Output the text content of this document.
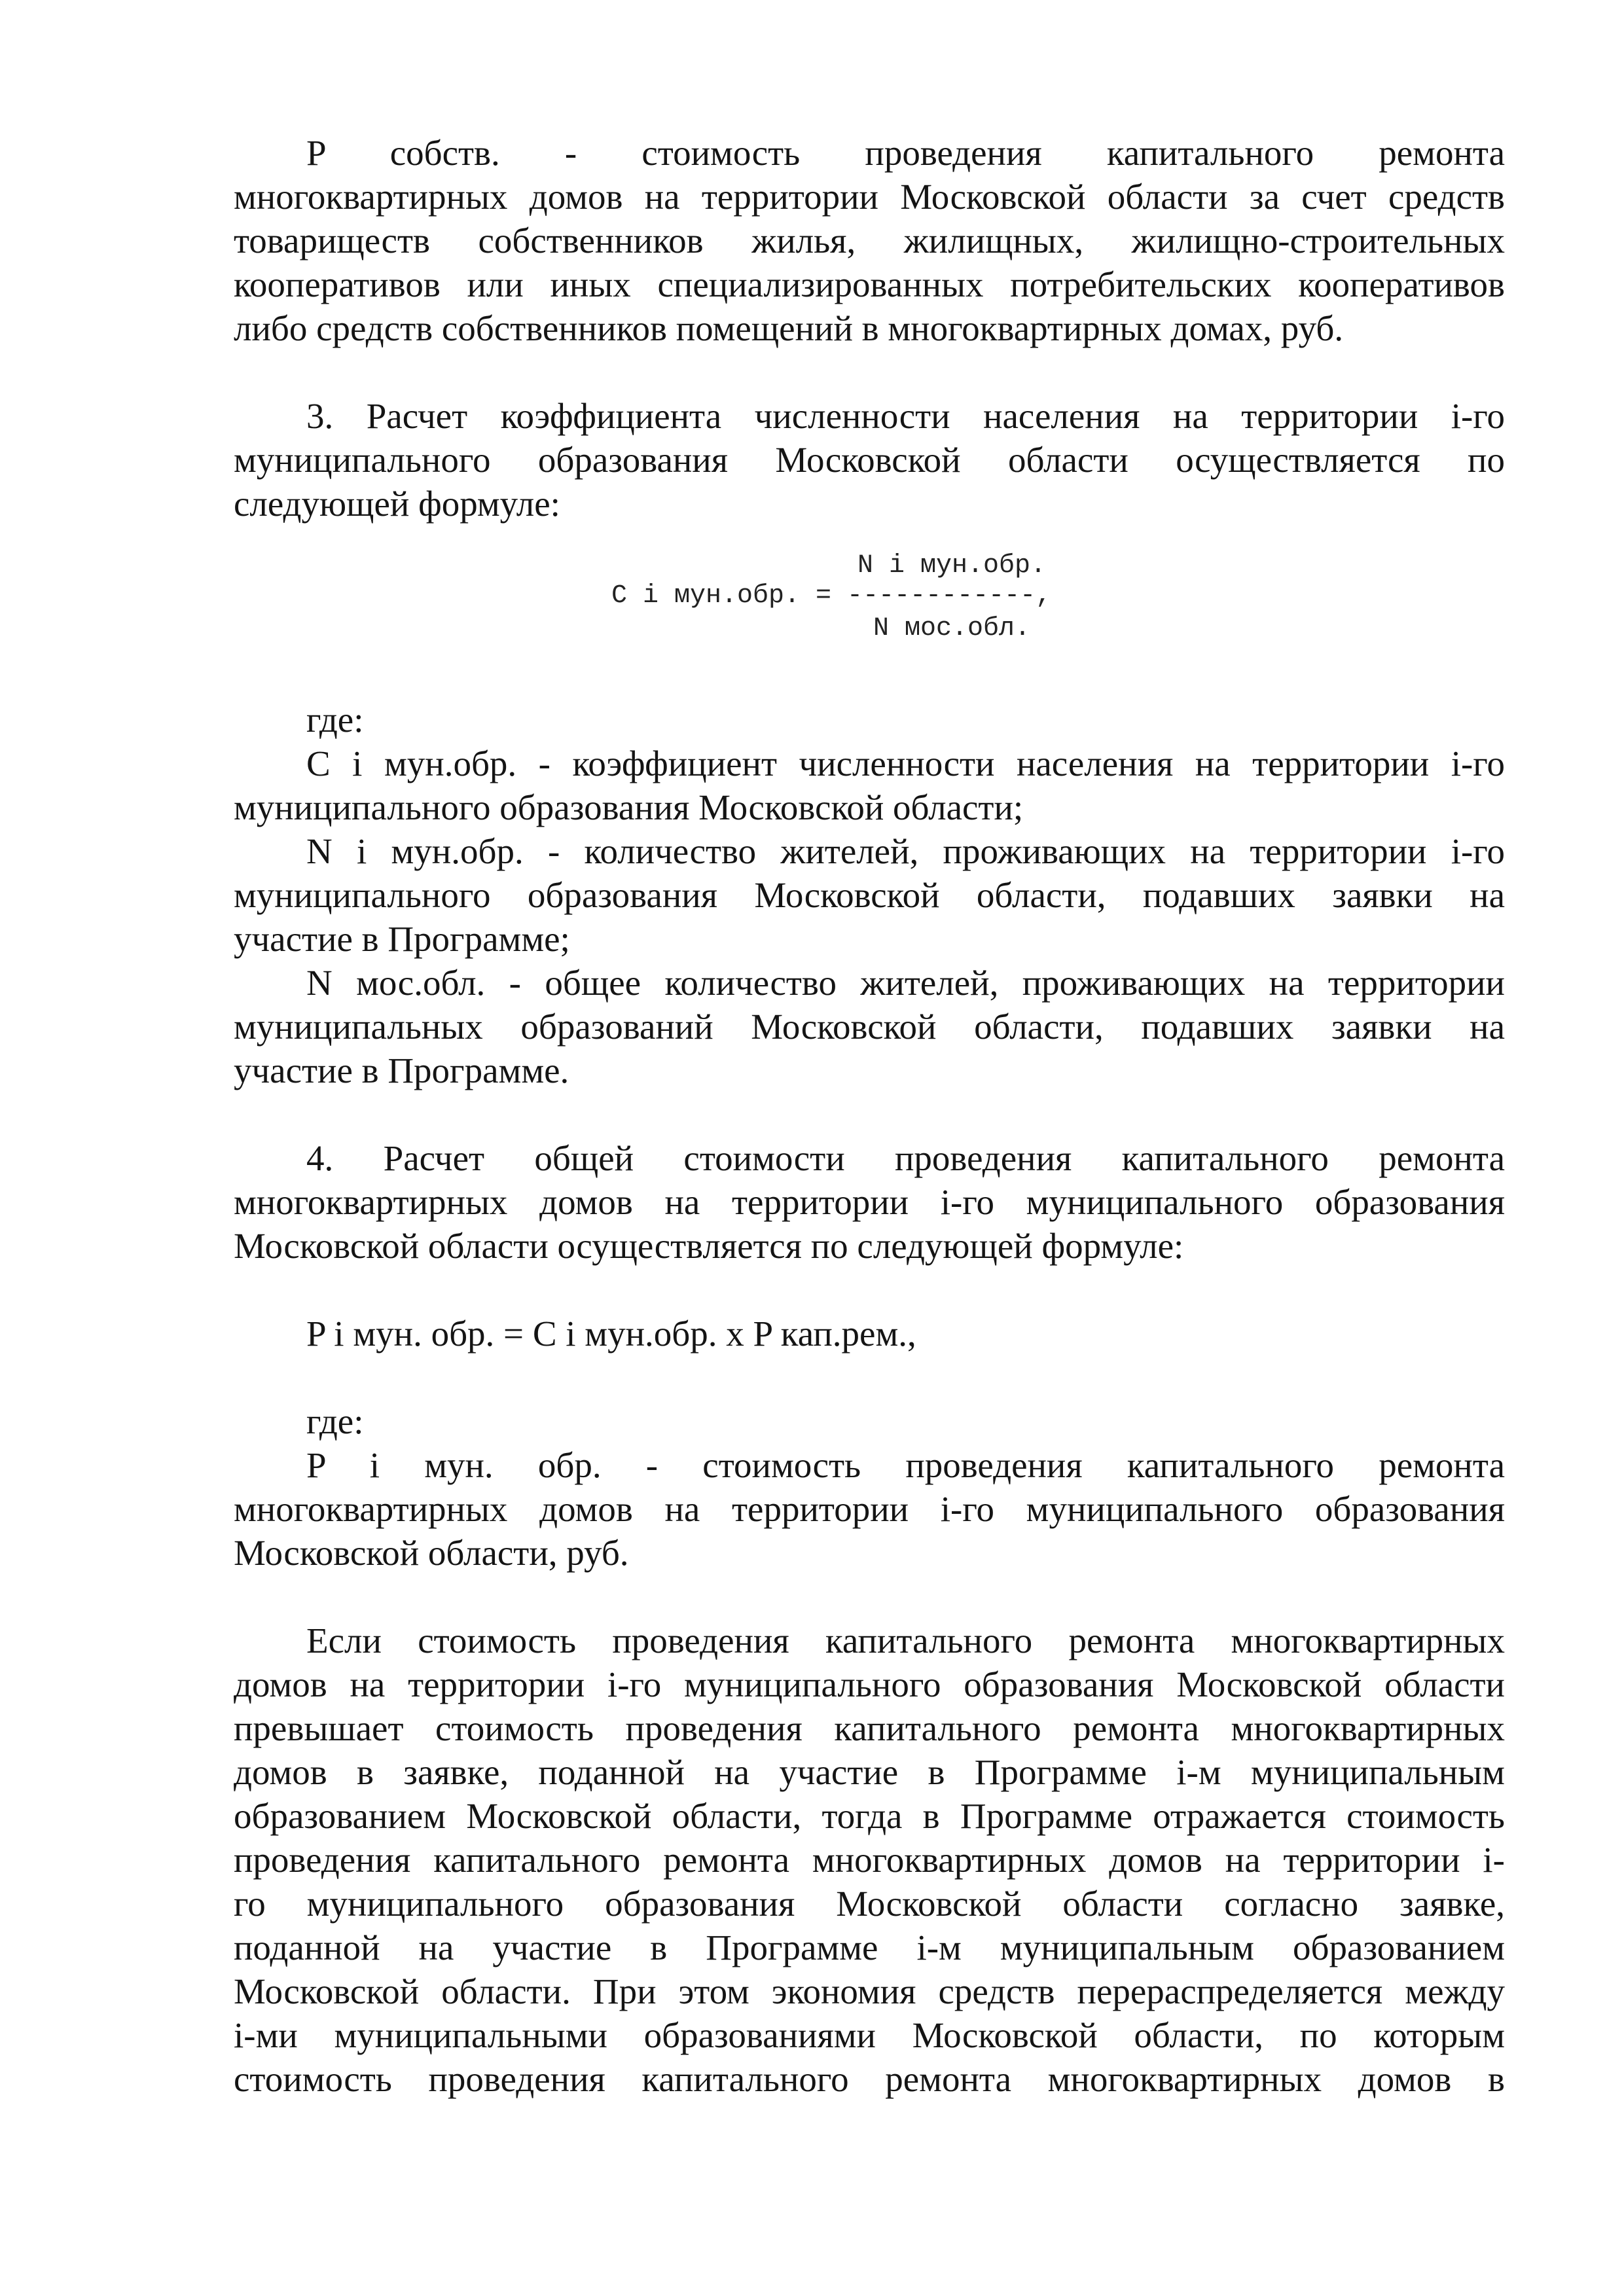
P собств. - стоимость проведения капитального ремонта
многоквартирных домов на территории Московской области за счет средств
товариществ собственников жилья, жилищных, жилищно-строительных
кооперативов или иных специализированных потребительских кооперативов
либо средств собственников помещений в многоквартирных домах, руб.
3. Расчет коэффициента численности населения на территории i-го
муниципального образования Московской области осуществляется по
следующей формуле:
N i мун.обр.
C i мун.обр. = ------------,
N мос.обл.
где:
C i мун.обр. - коэффициент численности населения на территории i-го
муниципального образования Московской области;
N i мун.обр. - количество жителей, проживающих на территории i-го
муниципального образования Московской области, подавших заявки на
участие в Программе;
N мос.обл. - общее количество жителей, проживающих на территории
муниципальных образований Московской области, подавших заявки на
участие в Программе.
4. Расчет общей стоимости проведения капитального ремонта
многоквартирных домов на территории i-го муниципального образования
Московской области осуществляется по следующей формуле:
P i мун. обр. = C i мун.обр. x P кап.рем.,
где:
P i мун. обр. - стоимость проведения капитального ремонта
многоквартирных домов на территории i-го муниципального образования
Московской области, руб.
Если стоимость проведения капитального ремонта многоквартирных
домов на территории i-го муниципального образования Московской области
превышает стоимость проведения капитального ремонта многоквартирных
домов в заявке, поданной на участие в Программе i-м муниципальным
образованием Московской области, тогда в Программе отражается стоимость
проведения капитального ремонта многоквартирных домов на территории i-
го муниципального образования Московской области согласно заявке,
поданной на участие в Программе i-м муниципальным образованием
Московской области. При этом экономия средств перераспределяется между
i-ми муниципальными образованиями Московской области, по которым
стоимость проведения капитального ремонта многоквартирных домов в
